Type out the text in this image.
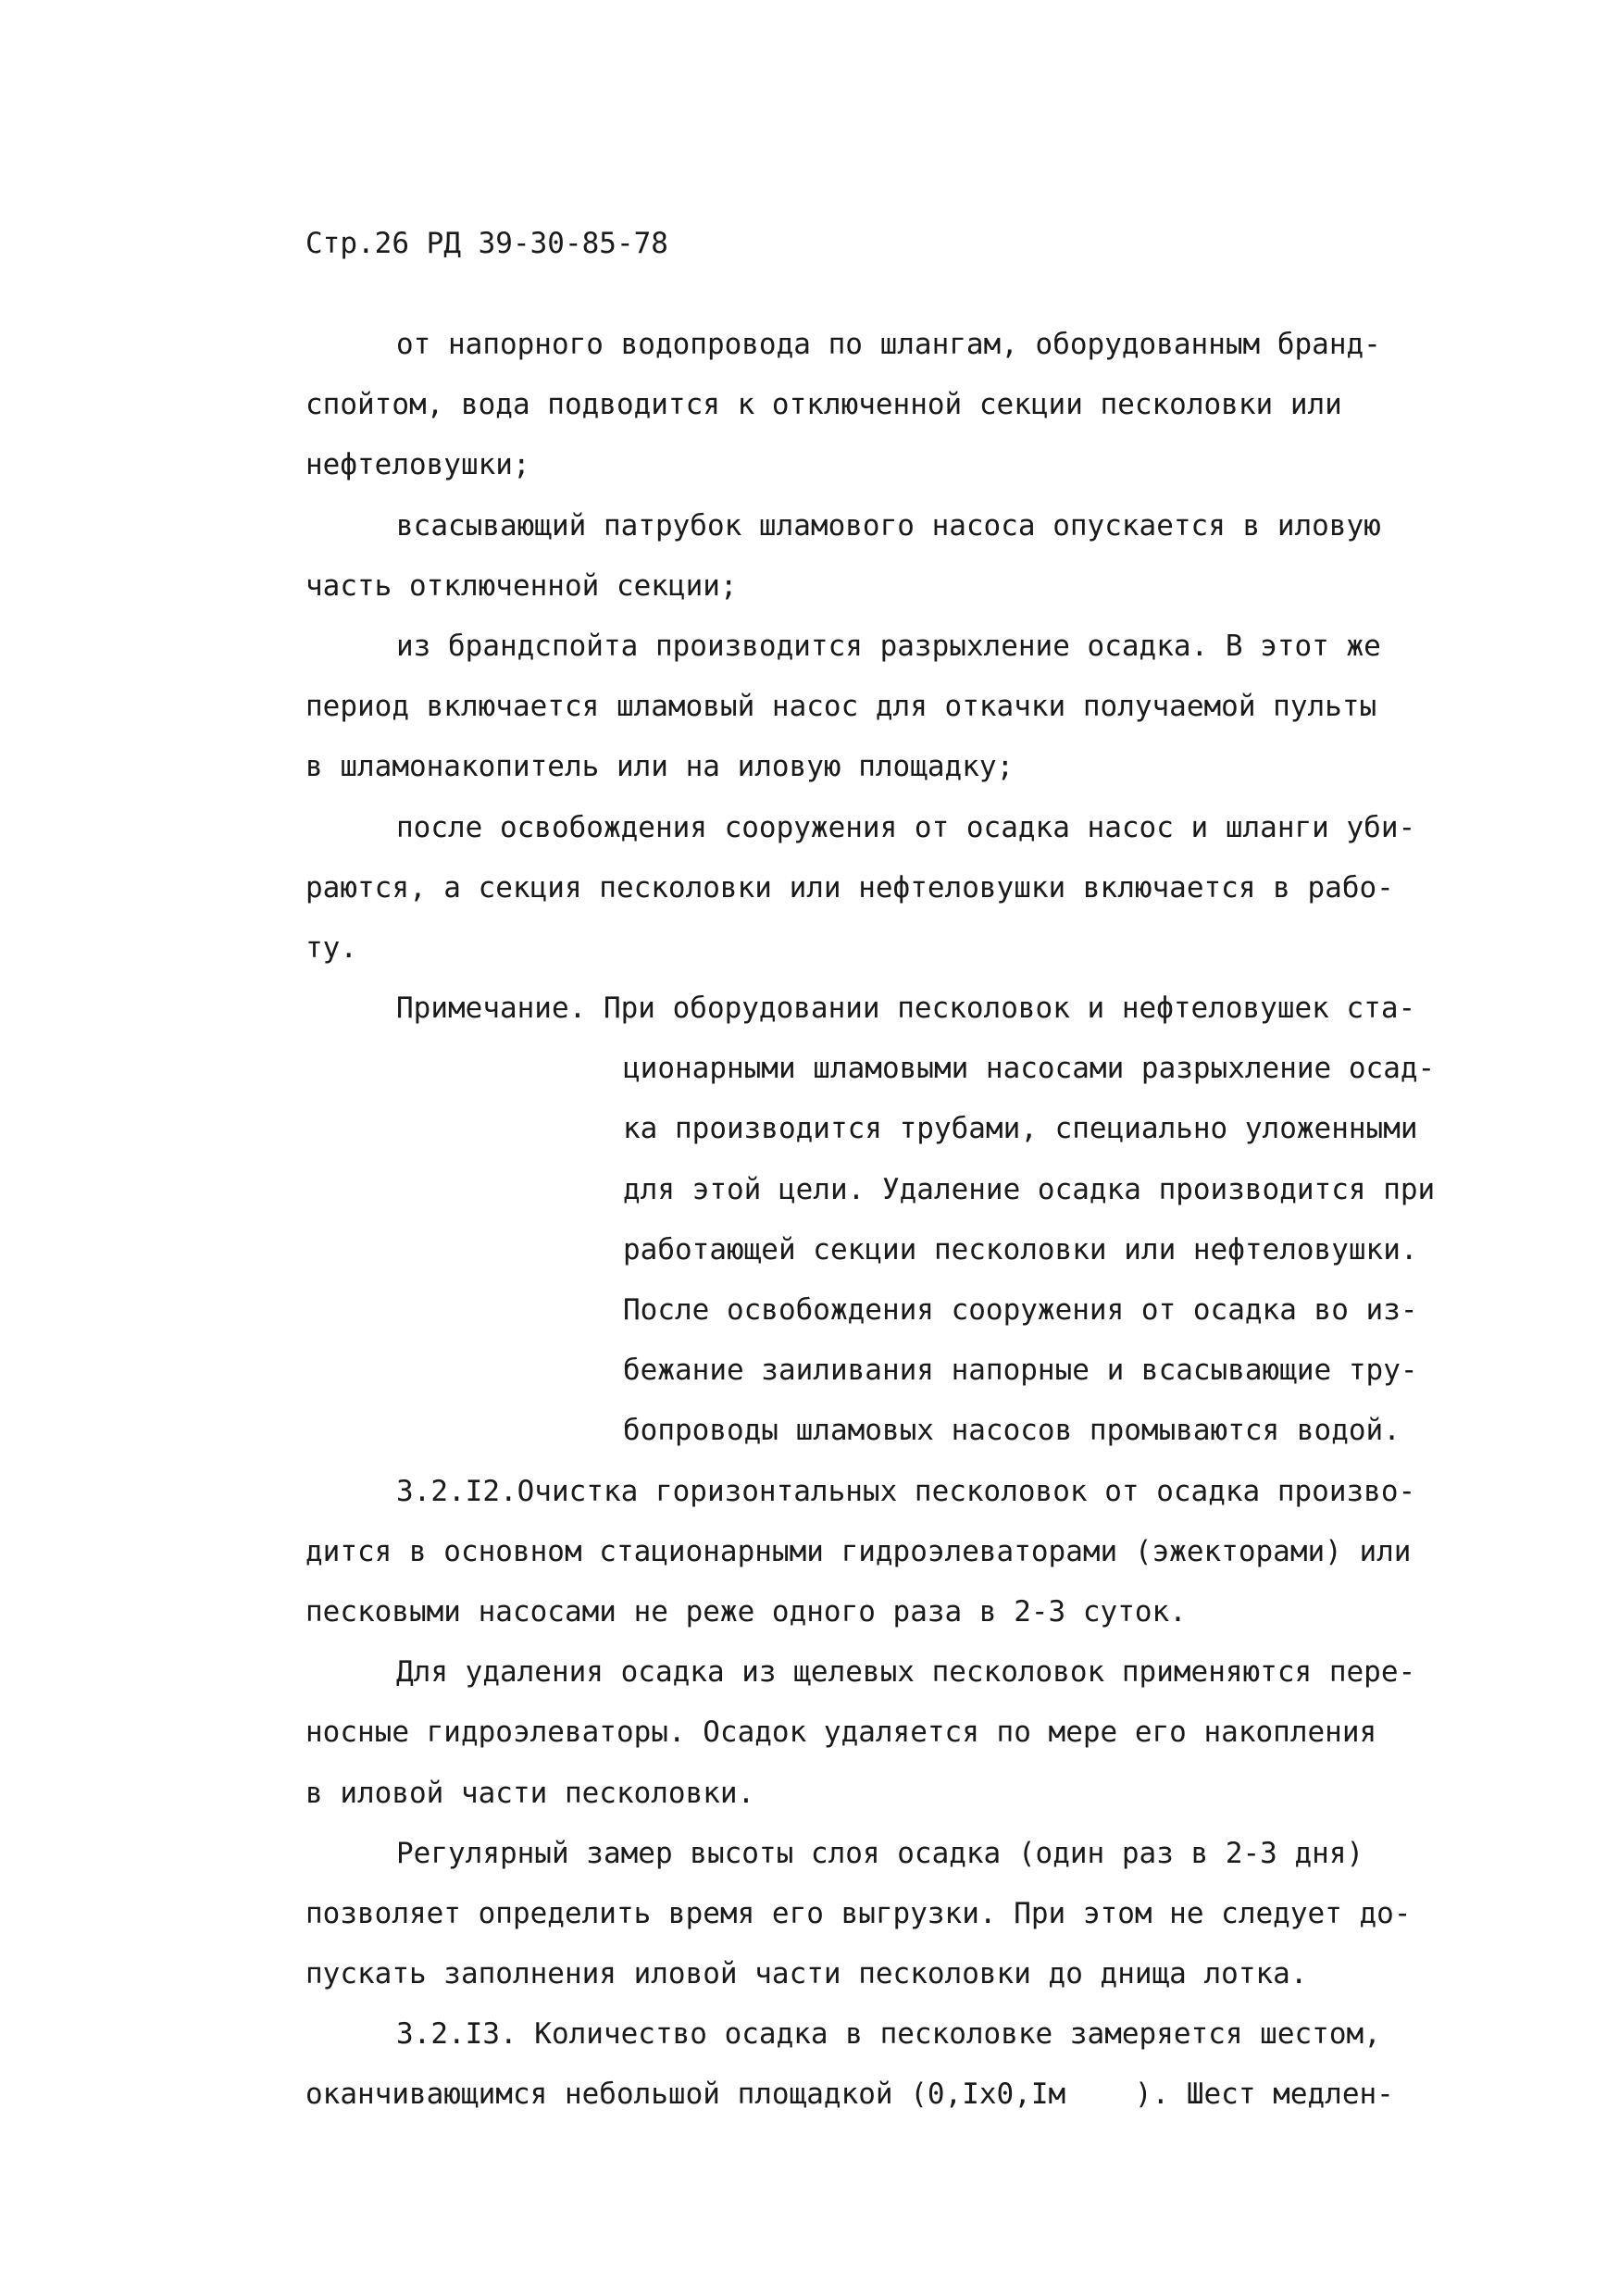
Стр.26 РД 39-30-85-78
от напорного водопровода по шлангам, оборудованным бранд-
спойтом, вода подводится к отключенной секции песколовки или
нефтеловушки;
всасывающий патрубок шламового насоса опускается в иловую
часть отключенной секции;
из брандспойта производится разрыхление осадка. В этот же
период включается шламовый насос для откачки получаемой пульты
в шламонакопитель или на иловую площадку;
после освобождения сооружения от осадка насос и шланги уби-
раются, а секция песколовки или нефтеловушки включается в рабо-
ту.
Примечание. При оборудовании песколовок и нефтеловушек ста-
ционарными шламовыми насосами разрыхление осад-
ка производится трубами, специально уложенными
для этой цели. Удаление осадка производится при
работающей секции песколовки или нефтеловушки.
После освобождения сооружения от осадка во из-
бежание заиливания напорные и всасывающие тру-
бопроводы шламовых насосов промываются водой.
3.2.I2.Очистка горизонтальных песколовок от осадка произво-
дится в основном стационарными гидроэлеваторами (эжекторами) или
песковыми насосами не реже одного раза в 2-3 суток.
Для удаления осадка из щелевых песколовок применяются пере-
носные гидроэлеваторы. Осадок удаляется по мере его накопления
в иловой части песколовки.
Регулярный замер высоты слоя осадка (один раз в 2-3 дня)
позволяет определить время его выгрузки. При этом не следует до-
пускать заполнения иловой части песколовки до днища лотка.
3.2.I3. Количество осадка в песколовке замеряется шестом,
оканчивающимся небольшой площадкой (0,Iх0,Iм    ). Шест медлен-
